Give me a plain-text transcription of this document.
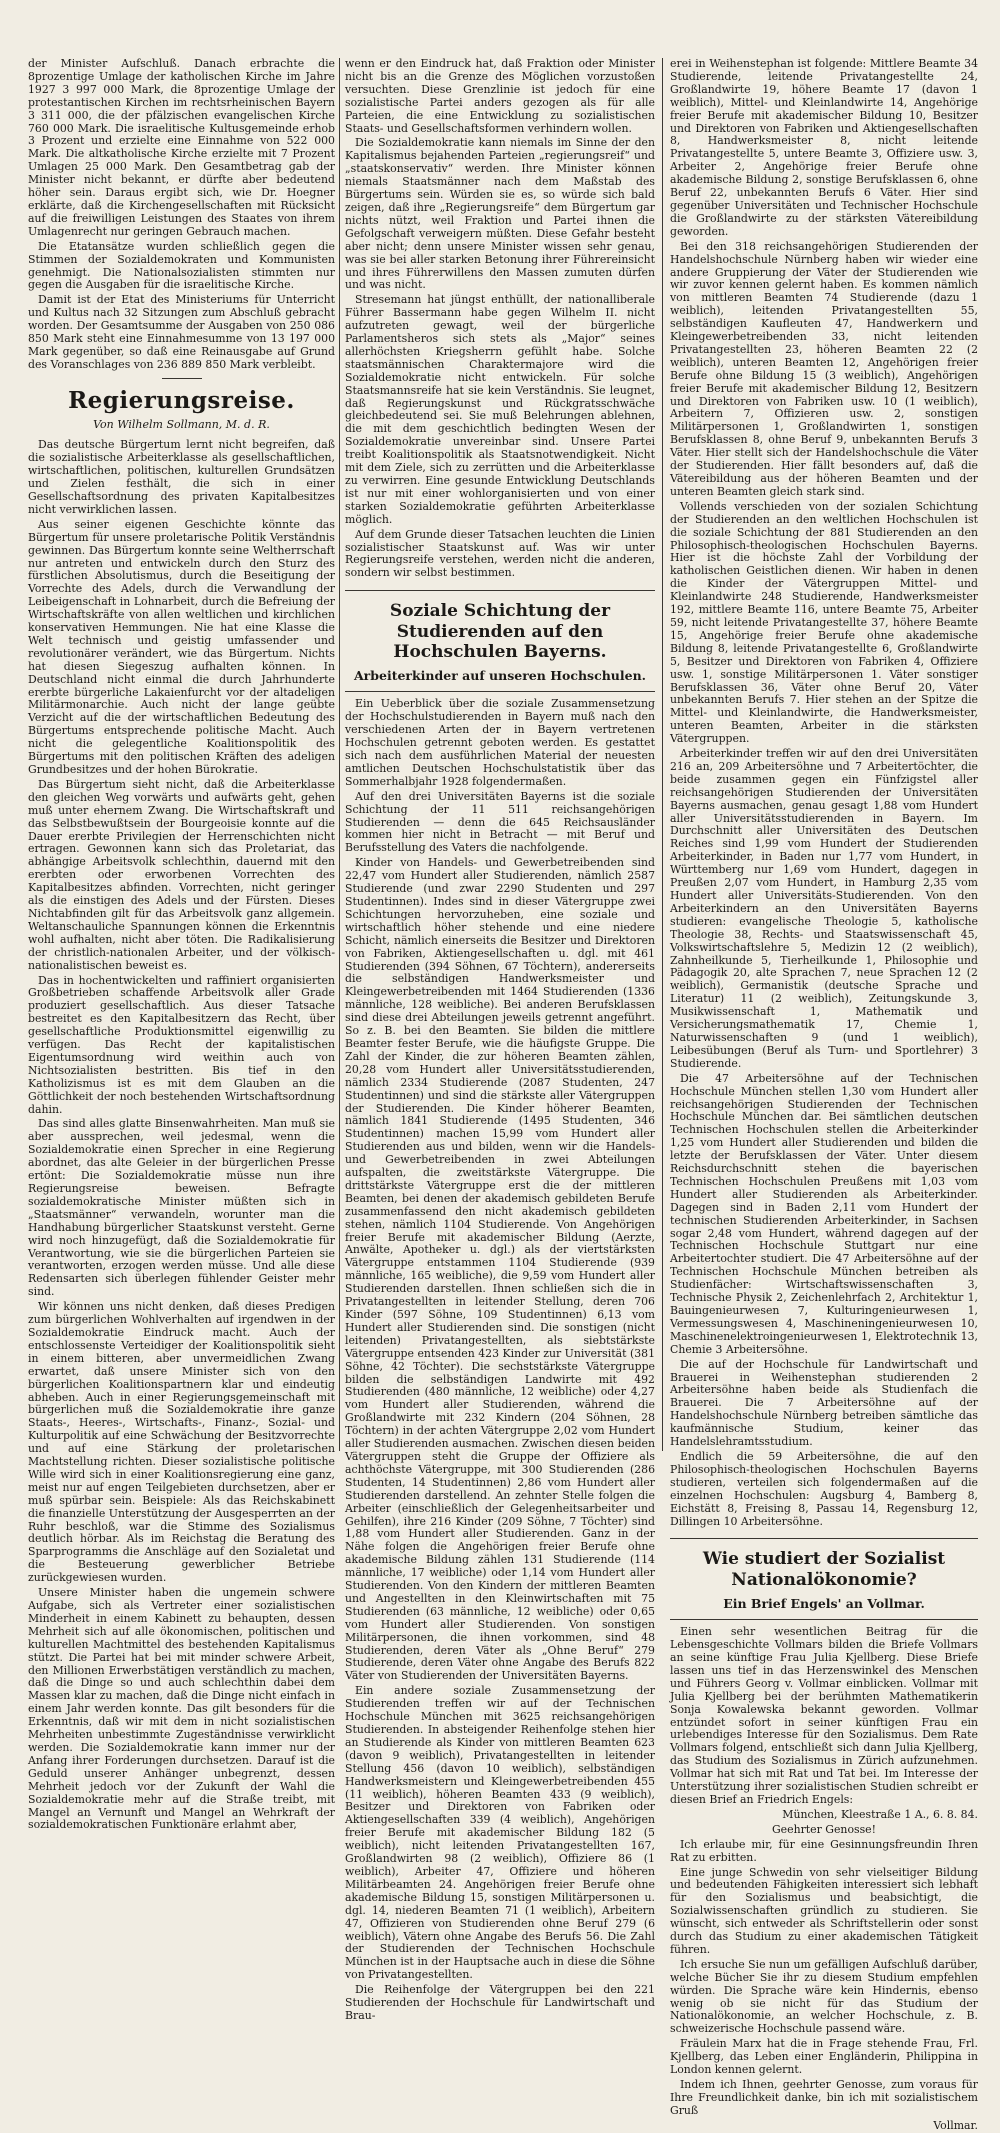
der Minister Aufschluß. Danach erbrachte die 8prozentige Umlage der katholischen Kirche im Jahre 1927 3 997 000 Mark, die 8prozentige Umlage der protestantischen Kirchen im rechtsrheinischen Bayern 3 311 000, die der pfälzischen evangelischen Kirche 760 000 Mark. Die israelitische Kultusgemeinde erhob 3 Prozent und erzielte eine Einnahme von 522 000 Mark. Die altkatholische Kirche erzielte mit 7 Prozent Umlagen 25 000 Mark. Den Gesamtbetrag gab der Minister nicht bekannt, er dürfte aber bedeutend höher sein. Daraus ergibt sich, wie Dr. Hoegner erklärte, daß die Kirchengesellschaften mit Rücksicht auf die freiwilligen Leistungen des Staates von ihrem Umlagenrecht nur geringen Gebrauch machen.

Die Etatansätze wurden schließlich gegen die Stimmen der Sozialdemokraten und Kommunisten genehmigt. Die Nationalsozialisten stimmten nur gegen die Ausgaben für die israelitische Kirche.

Damit ist der Etat des Ministeriums für Unterricht und Kultus nach 32 Sitzungen zum Abschluß gebracht worden. Der Gesamtsumme der Ausgaben von 250 086 850 Mark steht eine Einnahmesumme von 13 197 000 Mark gegenüber, so daß eine Reinausgabe auf Grund des Voranschlages von 236 889 850 Mark verbleibt.

Regierungsreise.
Von Wilhelm Sollmann, M. d. R.

Das deutsche Bürgertum lernt nicht begreifen, daß die sozialistische Arbeiterklasse als gesellschaftlichen, wirtschaftlichen, politischen, kulturellen Grundsätzen und Zielen festhält, die sich in einer Gesellschaftsordnung des privaten Kapitalbesitzes nicht verwirklichen lassen.

Aus seiner eigenen Geschichte könnte das Bürgertum für unsere proletarische Politik Verständnis gewinnen. Das Bürgertum konnte seine Weltherrschaft nur antreten und entwickeln durch den Sturz des fürstlichen Absolutismus, durch die Beseitigung der Vorrechte des Adels, durch die Verwandlung der Leibeigenschaft in Lohnarbeit, durch die Befreiung der Wirtschaftskräfte von allen weltlichen und kirchlichen konservativen Hemmungen. Nie hat eine Klasse die Welt technisch und geistig umfassender und revolutionärer verändert, wie das Bürgertum. Nichts hat diesen Siegeszug aufhalten können. In Deutschland nicht einmal die durch Jahrhunderte ererbte bürgerliche Lakaienfurcht vor der altadeligen Militärmonarchie. Auch nicht der lange geübte Verzicht auf die der wirtschaftlichen Bedeutung des Bürgertums entsprechende politische Macht. Auch nicht die gelegentliche Koalitionspolitik des Bürgertums mit den politischen Kräften des adeligen Grundbesitzes und der hohen Bürokratie.

Das Bürgertum sieht nicht, daß die Arbeiterklasse den gleichen Weg vorwärts und aufwärts geht, gehen muß unter ehernem Zwang. Die Wirtschaftskraft und das Selbstbewußtsein der Bourgeoisie konnte auf die Dauer ererbte Privilegien der Herrenschichten nicht ertragen. Gewonnen kann sich das Proletariat, das abhängige Arbeitsvolk schlechthin, dauernd mit den ererbten oder erworbenen Vorrechten des Kapitalbesitzes abfinden. Vorrechten, nicht geringer als die einstigen des Adels und der Fürsten. Dieses Nichtabfinden gilt für das Arbeitsvolk ganz allgemein. Weltanschauliche Spannungen können die Erkenntnis wohl aufhalten, nicht aber töten. Die Radikalisierung der christlich-nationalen Arbeiter, und der völkisch-nationalistischen beweist es.

Das in hochentwickelten und raffiniert organisierten Großbetrieben schaffende Arbeitsvolk aller Grade produziert gesellschaftlich. Aus dieser Tatsache bestreitet es den Kapitalbesitzern das Recht, über gesellschaftliche Produktionsmittel eigenwillig zu verfügen. Das Recht der kapitalistischen Eigentumsordnung wird weithin auch von Nichtsozialisten bestritten. Bis tief in den Katholizismus ist es mit dem Glauben an die Göttlichkeit der noch bestehenden Wirtschaftsordnung dahin.

Das sind alles glatte Binsenwahrheiten. Man muß sie aber aussprechen, weil jedesmal, wenn die Sozialdemokratie einen Sprecher in eine Regierung abordnet, das alte Geleier in der bürgerlichen Presse ertönt: Die Sozialdemokratie müsse nun ihre Regierungsreise beweisen. Befragte sozialdemokratische Minister müßten sich in „Staatsmänner“ verwandeln, worunter man die Handhabung bürgerlicher Staatskunst versteht. Gerne wird noch hinzugefügt, daß die Sozialdemokratie für Verantwortung, wie sie die bürgerlichen Parteien sie verantworten, erzogen werden müsse. Und alle diese Redensarten sich überlegen fühlender Geister mehr sind.

Wir können uns nicht denken, daß dieses Predigen zum bürgerlichen Wohlverhalten auf irgendwen in der Sozialdemokratie Eindruck macht. Auch der entschlossenste Verteidiger der Koalitionspolitik sieht in einem bitteren, aber unvermeidlichen Zwang erwartet, daß unsere Minister sich von den bürgerlichen Koalitionspartnern klar und eindeutig abheben. Auch in einer Regierungsgemeinschaft mit bürgerlichen muß die Sozialdemokratie ihre ganze Staats-, Heeres-, Wirtschafts-, Finanz-, Sozial- und Kulturpolitik auf eine Schwächung der Besitzvorrechte und auf eine Stärkung der proletarischen Machtstellung richten. Dieser sozialistische politische Wille wird sich in einer Koalitionsregierung eine ganz, meist nur auf engen Teilgebieten durchsetzen, aber er muß spürbar sein. Beispiele: Als das Reichskabinett die finanzielle Unterstützung der Ausgesperrten an der Ruhr beschloß, war die Stimme des Sozialismus deutlich hörbar. Als im Reichstag die Beratung des Sparprogramms die Anschläge auf den Sozialetat und die Besteuerung gewerblicher Betriebe zurückgewiesen wurden.

Unsere Minister haben die ungemein schwere Aufgabe, sich als Vertreter einer sozialistischen Minderheit in einem Kabinett zu behaupten, dessen Mehrheit sich auf alle ökonomischen, politischen und kulturellen Machtmittel des bestehenden Kapitalismus stützt. Die Partei hat bei mit minder schwere Arbeit, den Millionen Erwerbstätigen verständlich zu machen, daß die Dinge so und auch schlechthin dabei dem Massen klar zu machen, daß die Dinge nicht einfach in einem Jahr werden konnte. Das gilt besonders für die Erkenntnis, daß wir mit dem in nicht sozialistischen Mehrheiten unbestimmte Zugeständnisse verwirklicht werden. Die Sozialdemokratie kann immer nur der Anfang ihrer Forderungen durchsetzen. Darauf ist die Geduld unserer Anhänger unbegrenzt, dessen Mehrheit jedoch vor der Zukunft der Wahl die Sozialdemokratie mehr auf die Straße treibt, mit Mangel an Vernunft und Mangel an Wehrkraft der sozialdemokratischen Funktionäre erlahmt aber,

wenn er den Eindruck hat, daß Fraktion oder Minister nicht bis an die Grenze des Möglichen vorzustoßen versuchten. Diese Grenzlinie ist jedoch für eine sozialistische Partei anders gezogen als für alle Parteien, die eine Entwicklung zu sozialistischen Staats- und Gesellschaftsformen verhindern wollen.

Die Sozialdemokratie kann niemals im Sinne der den Kapitalismus bejahenden Parteien „regierungsreif“ und „staatskonservativ“ werden. Ihre Minister können niemals Staatsmänner nach dem Maßstab des Bürgertums sein. Würden sie es, so würde sich bald zeigen, daß ihre „Regierungsreife“ dem Bürgertum gar nichts nützt, weil Fraktion und Partei ihnen die Gefolgschaft verweigern müßten. Diese Gefahr besteht aber nicht; denn unsere Minister wissen sehr genau, was sie bei aller starken Betonung ihrer Führereinsicht und ihres Führerwillens den Massen zumuten dürfen und was nicht.

Stresemann hat jüngst enthüllt, der nationalliberale Führer Bassermann habe gegen Wilhelm II. nicht aufzutreten gewagt, weil der bürgerliche Parlamentsheros sich stets als „Major“ seines allerhöchsten Kriegsherrn gefühlt habe. Solche staatsmännischen Charaktermajore wird die Sozialdemokratie nicht entwickeln. Für solche Staatsmannsreife hat sie kein Verständnis. Sie leugnet, daß Regierungskunst und Rückgratsschwäche gleichbedeutend sei. Sie muß Belehrungen ablehnen, die mit dem geschichtlich bedingten Wesen der Sozialdemokratie unvereinbar sind. Unsere Partei treibt Koalitionspolitik als Staatsnotwendigkeit. Nicht mit dem Ziele, sich zu zerrütten und die Arbeiterklasse zu verwirren. Eine gesunde Entwicklung Deutschlands ist nur mit einer wohlorganisierten und von einer starken Sozialdemokratie geführten Arbeiterklasse möglich.

Auf dem Grunde dieser Tatsachen leuchten die Linien sozialistischer Staatskunst auf. Was wir unter Regierungsreife verstehen, werden nicht die anderen, sondern wir selbst bestimmen.

Soziale Schichtung der Studierenden auf den Hochschulen Bayerns.
Arbeiterkinder auf unseren Hochschulen.

Ein Ueberblick über die soziale Zusammensetzung der Hochschulstudierenden in Bayern muß nach den verschiedenen Arten der in Bayern vertretenen Hochschulen getrennt geboten werden. Es gestattet sich nach dem ausführlichen Material der neuesten amtlichen Deutschen Hochschulstatistik über das Sommerhalbjahr 1928 folgendermaßen.

Auf den drei Universitäten Bayerns ist die soziale Schichtung der 11 511 reichsangehörigen Studierenden — denn die 645 Reichsausländer kommen hier nicht in Betracht — mit Beruf und Berufsstellung des Vaters die nachfolgende.

Kinder von Handels- und Gewerbetreibenden sind 22,47 vom Hundert aller Studierenden, nämlich 2587 Studierende (und zwar 2290 Studenten und 297 Studentinnen). Indes sind in dieser Vätergruppe zwei Schichtungen hervorzuheben, eine soziale und wirtschaftlich höher stehende und eine niedere Schicht, nämlich einerseits die Besitzer und Direktoren von Fabriken, Aktiengesellschaften u. dgl. mit 461 Studierenden (394 Söhnen, 67 Töchtern), andererseits die selbständigen Handwerksmeister und Kleingewerbetreibenden mit 1464 Studierenden (1336 männliche, 128 weibliche). Bei anderen Berufsklassen sind diese drei Abteilungen jeweils getrennt angeführt. So z. B. bei den Beamten. Sie bilden die mittlere Beamter fester Berufe, wie die häufigste Gruppe. Die Zahl der Kinder, die zur höheren Beamten zählen, 20,28 vom Hundert aller Universitätsstudierenden, nämlich 2334 Studierende (2087 Studenten, 247 Studentinnen) und sind die stärkste aller Vätergruppen der Studierenden. Die Kinder höherer Beamten, nämlich 1841 Studierende (1495 Studenten, 346 Studentinnen) machen 15,99 vom Hundert aller Studierenden aus und bilden, wenn wir die Handels- und Gewerbetreibenden in zwei Abteilungen aufspalten, die zweitstärkste Vätergruppe. Die drittstärkste Vätergruppe erst die der mittleren Beamten, bei denen der akademisch gebildeten Berufe zusammenfassend den nicht akademisch gebildeten stehen, nämlich 1104 Studierende. Von Angehörigen freier Berufe mit akademischer Bildung (Aerzte, Anwälte, Apotheker u. dgl.) als der viertstärksten Vätergruppe entstammen 1104 Studierende (939 männliche, 165 weibliche), die 9,59 vom Hundert aller Studierenden darstellen. Ihnen schließen sich die in Privatangestellten in leitender Stellung, deren 706 Kinder (597 Söhne, 109 Studentinnen) 6,13 vom Hundert aller Studierenden sind. Die sonstigen (nicht leitenden) Privatangestellten, als siebtstärkste Vätergruppe entsenden 423 Kinder zur Universität (381 Söhne, 42 Töchter). Die sechststärkste Vätergruppe bilden die selbständigen Landwirte mit 492 Studierenden (480 männliche, 12 weibliche) oder 4,27 vom Hundert aller Studierenden, während die Großlandwirte mit 232 Kindern (204 Söhnen, 28 Töchtern) in der achten Vätergruppe 2,02 vom Hundert aller Studierenden ausmachen. Zwischen diesen beiden Vätergruppen steht die Gruppe der Offiziere als achthöchste Vätergruppe, mit 300 Studierenden (286 Studenten, 14 Studentinnen) 2,86 vom Hundert aller Studierenden darstellend. An zehnter Stelle folgen die Arbeiter (einschließlich der Gelegenheitsarbeiter und Gehilfen), ihre 216 Kinder (209 Söhne, 7 Töchter) sind 1,88 vom Hundert aller Studierenden. Ganz in der Nähe folgen die Angehörigen freier Berufe ohne akademische Bildung zählen 131 Studierende (114 männliche, 17 weibliche) oder 1,14 vom Hundert aller Studierenden. Von den Kindern der mittleren Beamten und Angestellten in den Kleinwirtschaften mit 75 Studierenden (63 männliche, 12 weibliche) oder 0,65 vom Hundert aller Studierenden. Von sonstigen Militärpersonen, die ihnen vorkommen, sind 48 Studierenden, deren Väter als „Ohne Beruf“ 279 Studierende, deren Väter ohne Angabe des Berufs 822 Väter von Studierenden der Universitäten Bayerns.

Ein andere soziale Zusammensetzung der Studierenden treffen wir auf der Technischen Hochschule München mit 3625 reichsangehörigen Studierenden. In absteigender Reihenfolge stehen hier an Studierende als Kinder von mittleren Beamten 623 (davon 9 weiblich), Privatangestellten in leitender Stellung 456 (davon 10 weiblich), selbständigen Handwerksmeistern und Kleingewerbetreibenden 455 (11 weiblich), höheren Beamten 433 (9 weiblich), Besitzer und Direktoren von Fabriken oder Aktiengesellschaften 339 (4 weiblich), Angehörigen freier Berufe mit akademischer Bildung 182 (5 weiblich), nicht leitenden Privatangestellten 167, Großlandwirten 98 (2 weiblich), Offiziere 86 (1 weiblich), Arbeiter 47, Offiziere und höheren Militärbeamten 24. Angehörigen freier Berufe ohne akademische Bildung 15, sonstigen Militärpersonen u. dgl. 14, niederen Beamten 71 (1 weiblich), Arbeitern 47, Offizieren von Studierenden ohne Beruf 279 (6 weiblich), Vätern ohne Angabe des Berufs 56. Die Zahl der Studierenden der Technischen Hochschule München ist in der Hauptsache auch in diese die Söhne von Privatangestellten.

Die Reihenfolge der Vätergruppen bei den 221 Studierenden der Hochschule für Landwirtschaft und Brau-

erei in Weihenstephan ist folgende: Mittlere Beamte 34 Studierende, leitende Privatangestellte 24, Großlandwirte 19, höhere Beamte 17 (davon 1 weiblich), Mittel- und Kleinlandwirte 14, Angehörige freier Berufe mit akademischer Bildung 10, Besitzer und Direktoren von Fabriken und Aktiengesellschaften 8, Handwerksmeister 8, nicht leitende Privatangestellte 5, untere Beamte 3, Offiziere usw. 3, Arbeiter 2, Angehörige freier Berufe ohne akademische Bildung 2, sonstige Berufsklassen 6, ohne Beruf 22, unbekannten Berufs 6 Väter. Hier sind gegenüber Universitäten und Technischer Hochschule die Großlandwirte zu der stärksten Vätereibildung geworden.

Bei den 318 reichsangehörigen Studierenden der Handelshochschule Nürnberg haben wir wieder eine andere Gruppierung der Väter der Studierenden wie wir zuvor kennen gelernt haben. Es kommen nämlich von mittleren Beamten 74 Studierende (dazu 1 weiblich), leitenden Privatangestellten 55, selbständigen Kaufleuten 47, Handwerkern und Kleingewerbetreibenden 33, nicht leitenden Privatangestellten 23, höheren Beamten 22 (2 weiblich), unteren Beamten 12, Angehörigen freier Berufe ohne Bildung 15 (3 weiblich), Angehörigen freier Berufe mit akademischer Bildung 12, Besitzern und Direktoren von Fabriken usw. 10 (1 weiblich), Arbeitern 7, Offizieren usw. 2, sonstigen Militärpersonen 1, Großlandwirten 1, sonstigen Berufsklassen 8, ohne Beruf 9, unbekannten Berufs 3 Väter. Hier stellt sich der Handelshochschule die Väter der Studierenden. Hier fällt besonders auf, daß die Vätereibildung aus der höheren Beamten und der unteren Beamten gleich stark sind.

Vollends verschieden von der sozialen Schichtung der Studierenden an den weltlichen Hochschulen ist die soziale Schichtung der 881 Studierenden an den Philosophisch-theologischen Hochschulen Bayerns. Hier ist die höchste Zahl der Vorbildung der katholischen Geistlichen dienen. Wir haben in denen die Kinder der Vätergruppen Mittel- und Kleinlandwirte 248 Studierende, Handwerksmeister 192, mittlere Beamte 116, untere Beamte 75, Arbeiter 59, nicht leitende Privatangestellte 37, höhere Beamte 15, Angehörige freier Berufe ohne akademische Bildung 8, leitende Privatangestellte 6, Großlandwirte 5, Besitzer und Direktoren von Fabriken 4, Offiziere usw. 1, sonstige Militärpersonen 1. Väter sonstiger Berufsklassen 36, Väter ohne Beruf 20, Väter unbekannten Berufs 7. Hier stehen an der Spitze die Mittel- und Kleinlandwirte, die Handwerksmeister, unteren Beamten, Arbeiter in die stärksten Vätergruppen.

Arbeiterkinder treffen wir auf den drei Universitäten 216 an, 209 Arbeitersöhne und 7 Arbeitertöchter, die beide zusammen gegen ein Fünfzigstel aller reichsangehörigen Studierenden der Universitäten Bayerns ausmachen, genau gesagt 1,88 vom Hundert aller Universitätsstudierenden in Bayern. Im Durchschnitt aller Universitäten des Deutschen Reiches sind 1,99 vom Hundert der Studierenden Arbeiterkinder, in Baden nur 1,77 vom Hundert, in Württemberg nur 1,69 vom Hundert, dagegen in Preußen 2,07 vom Hundert, in Hamburg 2,35 vom Hundert aller Universitäts-Studierenden. Von den Arbeiterkindern an den Universitäten Bayerns studieren: evangelische Theologie 5, katholische Theologie 38, Rechts- und Staatswissenschaft 45, Volkswirtschaftslehre 5, Medizin 12 (2 weiblich), Zahnheilkunde 5, Tierheilkunde 1, Philosophie und Pädagogik 20, alte Sprachen 7, neue Sprachen 12 (2 weiblich), Germanistik (deutsche Sprache und Literatur) 11 (2 weiblich), Zeitungskunde 3, Musikwissenschaft 1, Mathematik und Versicherungsmathematik 17, Chemie 1, Naturwissenschaften 9 (und 1 weiblich), Leibesübungen (Beruf als Turn- und Sportlehrer) 3 Studierende.

Die 47 Arbeitersöhne auf der Technischen Hochschule München stellen 1,30 vom Hundert aller reichsangehörigen Studierenden der Technischen Hochschule München dar. Bei sämtlichen deutschen Technischen Hochschulen stellen die Arbeiterkinder 1,25 vom Hundert aller Studierenden und bilden die letzte der Berufsklassen der Väter. Unter diesem Reichsdurchschnitt stehen die bayerischen Technischen Hochschulen Preußens mit 1,03 vom Hundert aller Studierenden als Arbeiterkinder. Dagegen sind in Baden 2,11 vom Hundert der technischen Studierenden Arbeiterkinder, in Sachsen sogar 2,48 vom Hundert, während dagegen auf der Technischen Hochschule Stuttgart nur eine Arbeitertochter studiert. Die 47 Arbeitersöhne auf der Technischen Hochschule München betreiben als Studienfächer: Wirtschaftswissenschaften 3, Technische Physik 2, Zeichenlehrfach 2, Architektur 1, Bauingenieurwesen 7, Kulturingenieurwesen 1, Vermessungswesen 4, Maschineningenieurwesen 10, Maschinenelektroingenieurwesen 1, Elektrotechnik 13, Chemie 3 Arbeitersöhne.

Die auf der Hochschule für Landwirtschaft und Brauerei in Weihenstephan studierenden 2 Arbeitersöhne haben beide als Studienfach die Brauerei. Die 7 Arbeitersöhne auf der Handelshochschule Nürnberg betreiben sämtliche das kaufmännische Studium, keiner das Handelslehramtsstudium.

Endlich die 59 Arbeitersöhne, die auf den Philosophisch-theologischen Hochschulen Bayerns studieren, verteilen sich folgendermaßen auf die einzelnen Hochschulen: Augsburg 4, Bamberg 8, Eichstätt 8, Freising 8, Passau 14, Regensburg 12, Dillingen 10 Arbeitersöhne.

Wie studiert der Sozialist Nationalökonomie?
Ein Brief Engels' an Vollmar.

Einen sehr wesentlichen Beitrag für die Lebensgeschichte Vollmars bilden die Briefe Vollmars an seine künftige Frau Julia Kjellberg. Diese Briefe lassen uns tief in das Herzenswinkel des Menschen und Führers Georg v. Vollmar einblicken. Vollmar mit Julia Kjellberg bei der berühmten Mathematikerin Sonja Kowalewska bekannt geworden. Vollmar entzündet sofort in seiner künftigen Frau ein urlebendiges Interesse für den Sozialismus. Dem Rate Vollmars folgend, entschließt sich dann Julia Kjellberg, das Studium des Sozialismus in Zürich aufzunehmen. Vollmar hat sich mit Rat und Tat bei. Im Interesse der Unterstützung ihrer sozialistischen Studien schreibt er diesen Brief an Friedrich Engels:

München, Kleestraße 1 A., 6. 8. 84.

Geehrter Genosse!

Ich erlaube mir, für eine Gesinnungsfreundin Ihren Rat zu erbitten.

Eine junge Schwedin von sehr vielseitiger Bildung und bedeutenden Fähigkeiten interessiert sich lebhaft für den Sozialismus und beabsichtigt, die Sozialwissenschaften gründlich zu studieren. Sie wünscht, sich entweder als Schriftstellerin oder sonst durch das Studium zu einer akademischen Tätigkeit führen.

Ich ersuche Sie nun um gefälligen Aufschluß darüber, welche Bücher Sie ihr zu diesem Studium empfehlen würden. Die Sprache wäre kein Hindernis, ebenso wenig ob sie nicht für das Studium der Nationalökonomie, an welcher Hochschule, z. B. schweizerische Hochschule passend wäre.

Fräulein Marx hat die in Frage stehende Frau, Frl. Kjellberg, das Leben einer Engländerin, Philippina in London kennen gelernt.

Indem ich Ihnen, geehrter Genosse, zum voraus für Ihre Freundlichkeit danke, bin ich mit sozialistischem Gruß

Vollmar.
